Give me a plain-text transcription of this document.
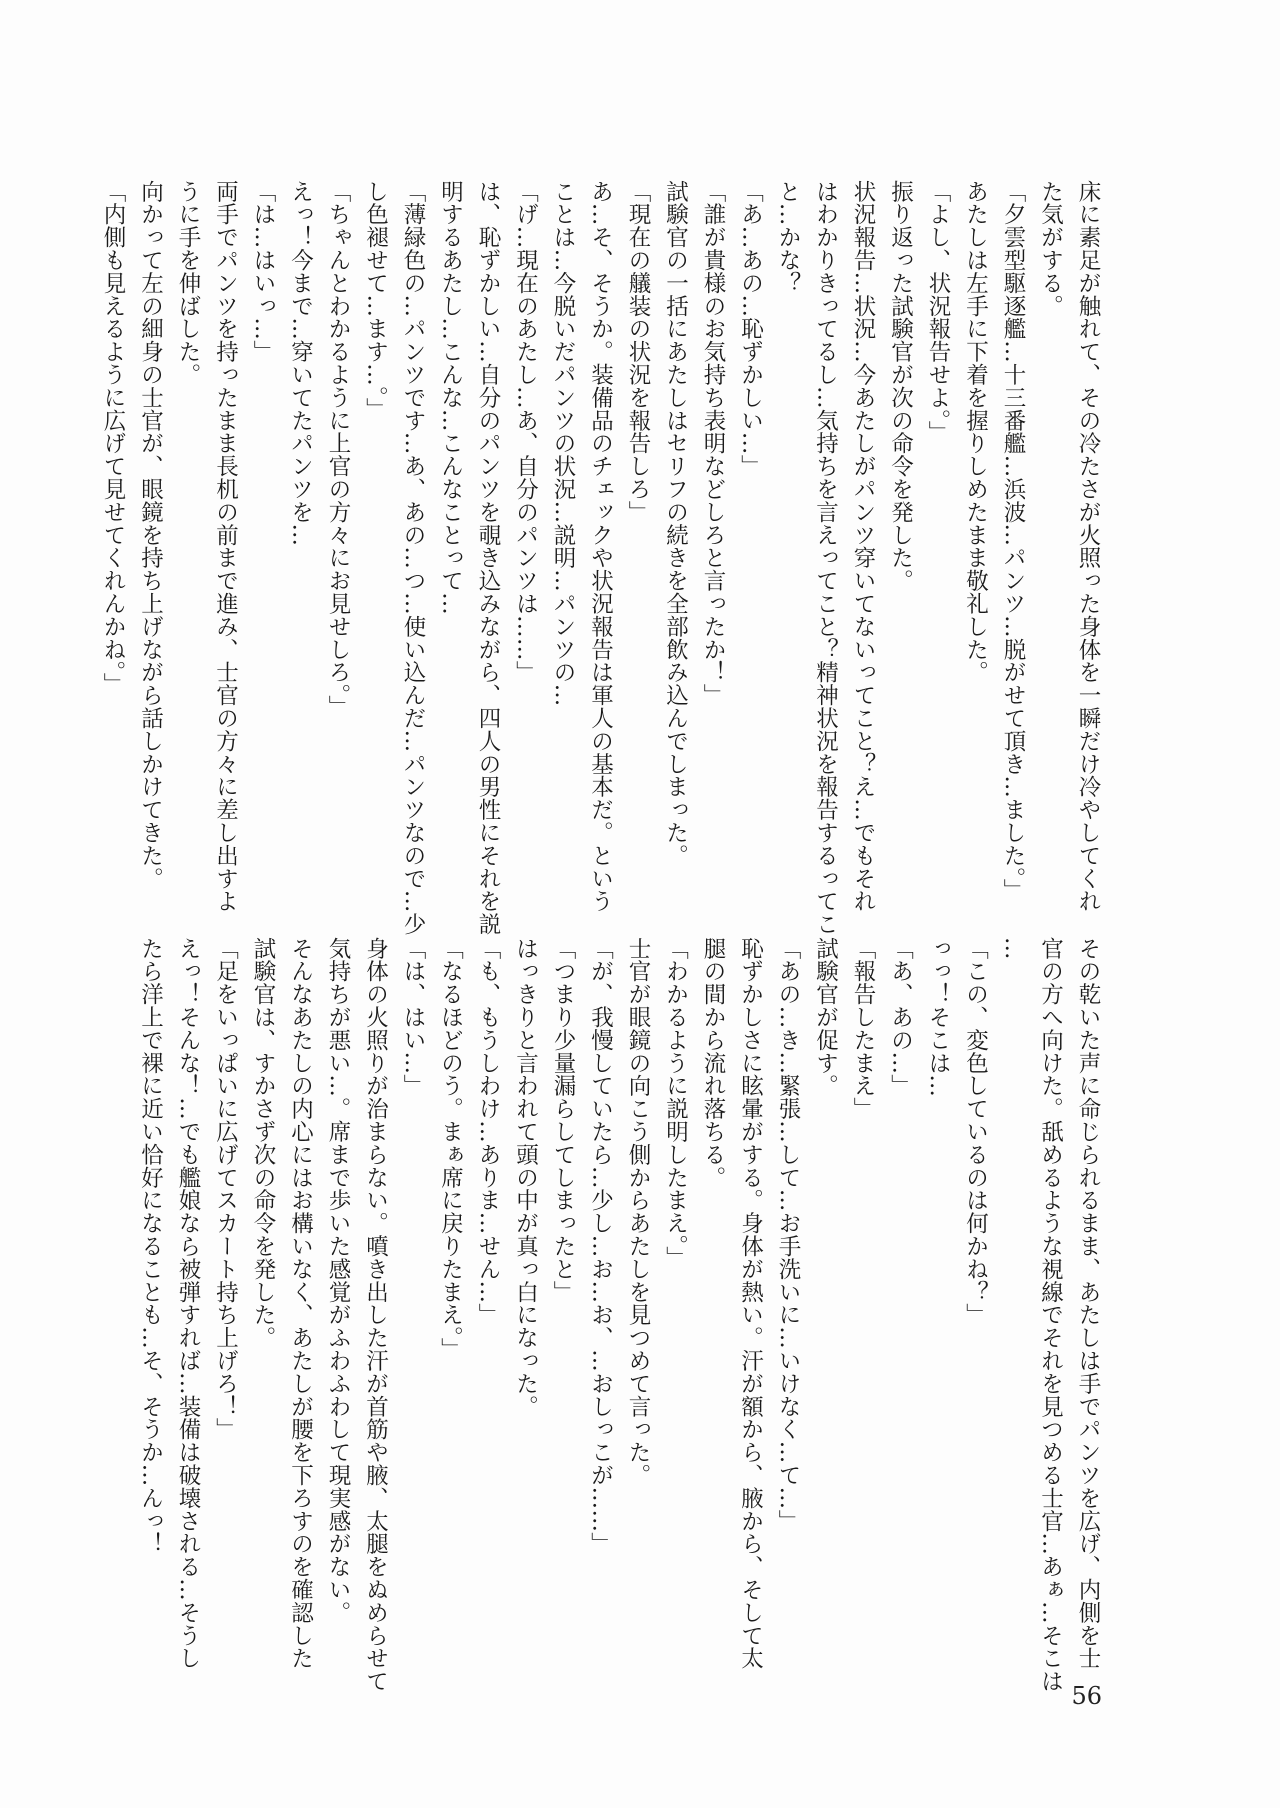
床に素足が触れて、その冷たさが火照った身体を一瞬だけ冷やしてくれ
た気がする。
「夕雲型駆逐艦…十三番艦…浜波…パンツ…脱がせて頂き…ました。」
あたしは左手に下着を握りしめたまま敬礼した。
「よし、状況報告せよ。」
振り返った試験官が次の命令を発した。
状況報告…状況…今あたしがパンツ穿いてないってこと？え…でもそれ
はわかりきってるし…気持ちを言えってこと？精神状況を報告するってこ
と…かな？
「あ…あの…恥ずかしい…」
「誰が貴様のお気持ち表明などしろと言ったか！」
試験官の一括にあたしはセリフの続きを全部飲み込んでしまった。
「現在の艤装の状況を報告しろ」
あ…そ、そうか。装備品のチェックや状況報告は軍人の基本だ。という
ことは…今脱いだパンツの状況…説明…パンツの…
「げ…現在のあたし…あ、自分のパンツは……」
は、恥ずかしい…自分のパンツを覗き込みながら、四人の男性にそれを説
明するあたし…こんな…こんなことって…
「薄緑色の…パンツです…あ、あの…つ…使い込んだ…パンツなので…少
し色褪せて…ます…。」
「ちゃんとわかるように上官の方々にお見せしろ。」
えっ！今まで…穿いてたパンツを…
「は…はいっ…」
両手でパンツを持ったまま長机の前まで進み、士官の方々に差し出すよ
うに手を伸ばした。
向かって左の細身の士官が、眼鏡を持ち上げながら話しかけてきた。
「内側も見えるように広げて見せてくれんかね。」
その乾いた声に命じられるまま、あたしは手でパンツを広げ、内側を士
官の方へ向けた。舐めるような視線でそれを見つめる士官…あぁ…そこは
…
「この、変色しているのは何かね？」
っっ！そこは…
「あ、あの…」
「報告したまえ」
試験官が促す。
「あの…き…緊張…して…お手洗いに…いけなく…て…」
恥ずかしさに眩暈がする。身体が熱い。汗が額から、腋から、そして太
腿の間から流れ落ちる。
「わかるように説明したまえ。」
士官が眼鏡の向こう側からあたしを見つめて言った。
「が、我慢していたら…少し…お…お、…おしっこが……」
「つまり少量漏らしてしまったと」
はっきりと言われて頭の中が真っ白になった。
「も、もうしわけ…ありま…せん…」
「なるほどのう。まぁ席に戻りたまえ。」
「は、はい…」
身体の火照りが治まらない。噴き出した汗が首筋や腋、太腿をぬめらせて
気持ちが悪い…。席まで歩いた感覚がふわふわして現実感がない。
そんなあたしの内心にはお構いなく、あたしが腰を下ろすのを確認した
試験官は、すかさず次の命令を発した。
「足をいっぱいに広げてスカート持ち上げろ！」
えっ！そんな！…でも艦娘なら被弾すれば…装備は破壊される…そうし
たら洋上で裸に近い恰好になることも…そ、そうか…んっ！
56
